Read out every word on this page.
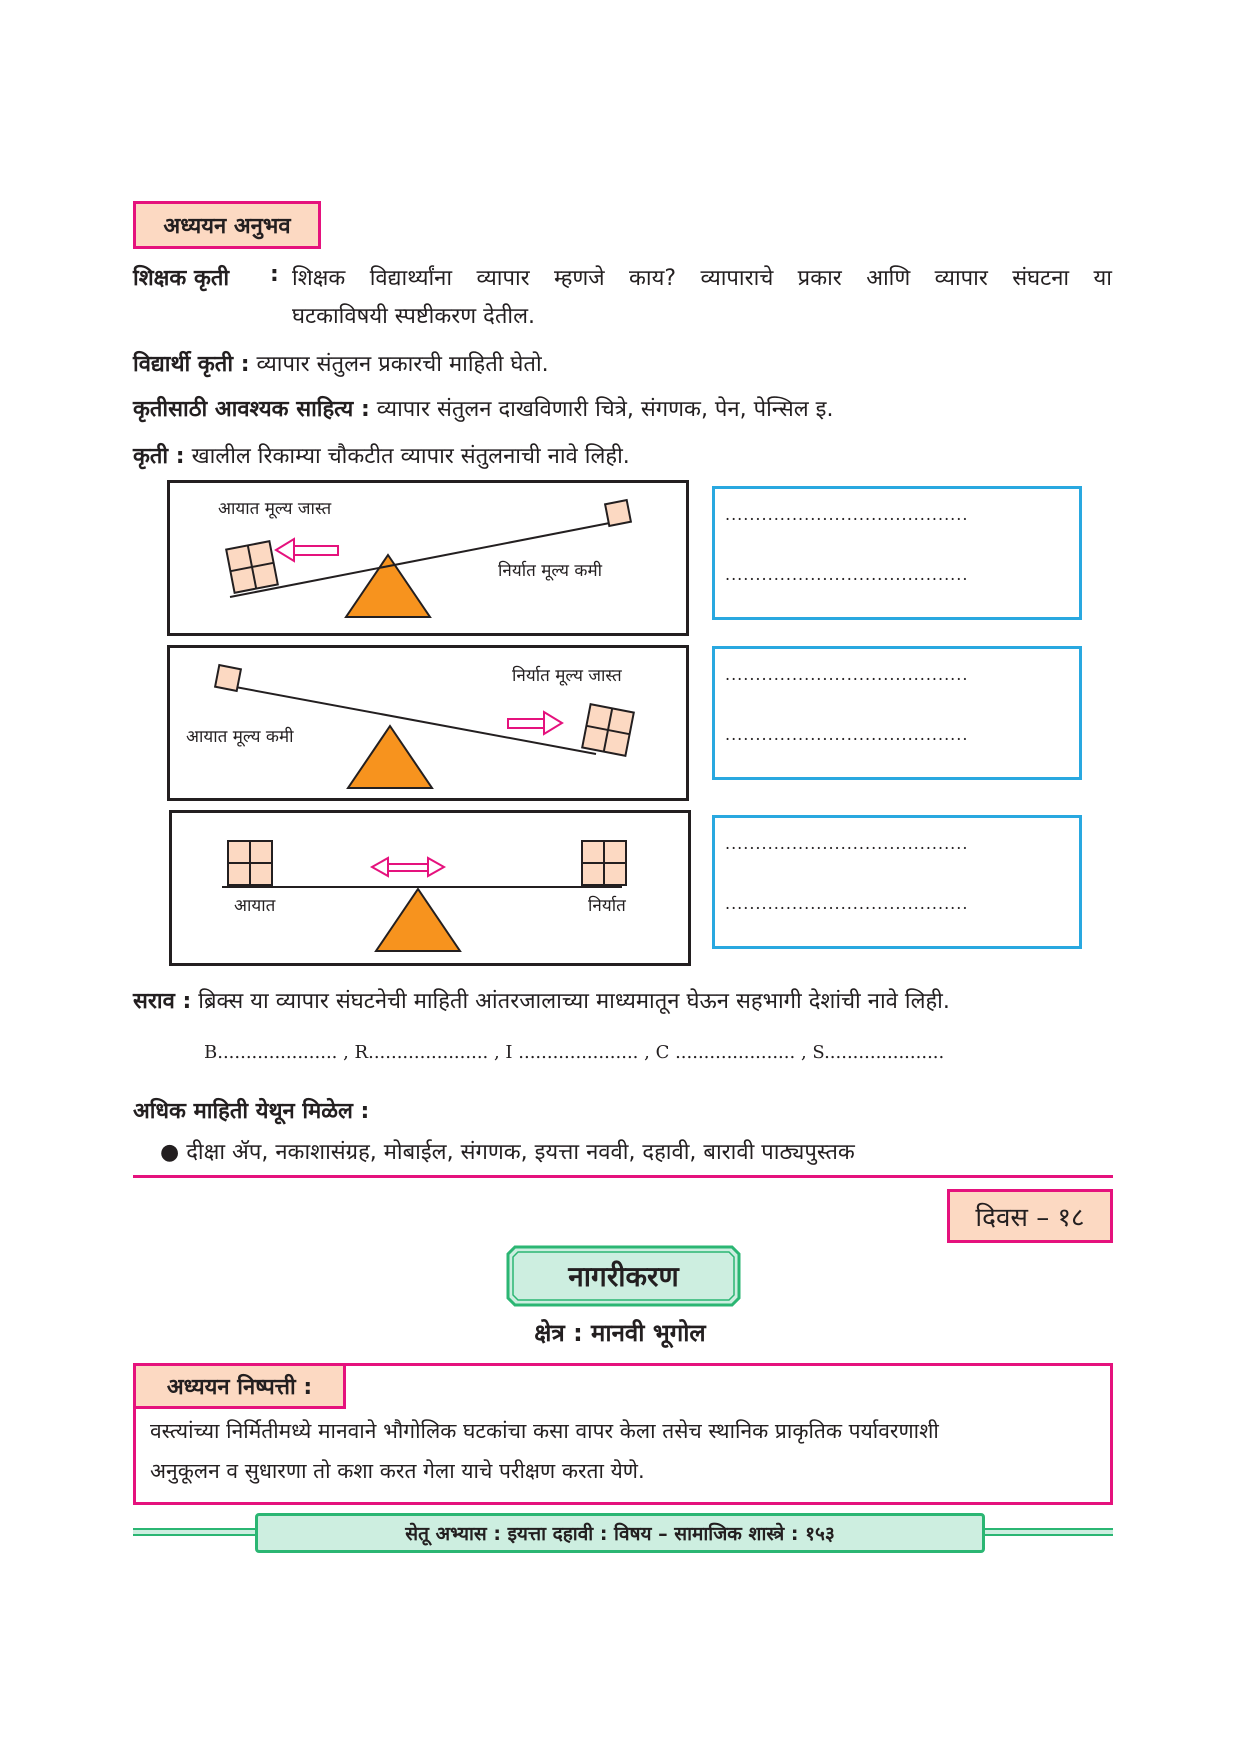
अध्ययन अनुभव
शिक्षक कृती : शिक्षक विद्यार्थ्यांना व्यापार म्हणजे काय? व्यापाराचे प्रकार आणि व्यापार संघटना या
घटकाविषयी स्पष्टीकरण देतील.
विद्यार्थी कृती : व्यापार संतुलन प्रकारची माहिती घेतो.
कृतीसाठी आवश्यक साहित्य : व्यापार संतुलन दाखविणारी चित्रे, संगणक, पेन, पेन्सिल इ.
कृती : खालील रिकाम्या चौकटीत व्यापार संतुलनाची नावे लिही.
आयात मूल्य जास्त
निर्यात मूल्य कमी
........................................
........................................
आयात मूल्य कमी
निर्यात मूल्य जास्त	........................................
........................................
आयात	निर्यात
........................................
........................................
सराव : ब्रिक्स या व्यापार संघटनेची माहिती आंतरजालाच्या माध्यमातून घेऊन सहभागी देशांची नावे लिही.
B..................... , R..................... , I ..................... , C ..................... , S.....................
अधिक माहिती येथून मिळेल :
● दीक्षा ॲप, नकाशासंग्रह, मोबाईल, संगणक, इयत्ता नववी, दहावी, बारावी पाठ्यपुस्तक
दिवस – १८
नागरीकरण
क्षेत्र : मानवी भूगोल
अध्ययन निष्पत्ती :
वस्त्यांच्या निर्मितीमध्ये मानवाने भौगोलिक घटकांचा कसा वापर केला तसेच स्थानिक प्राकृतिक पर्यावरणाशी
अनुकूलन व सुधारणा तो कशा करत गेला याचे परीक्षण करता येणे.
सेतू अभ्यास : इयत्ता दहावी : विषय – सामाजिक शास्त्रे : १५३
